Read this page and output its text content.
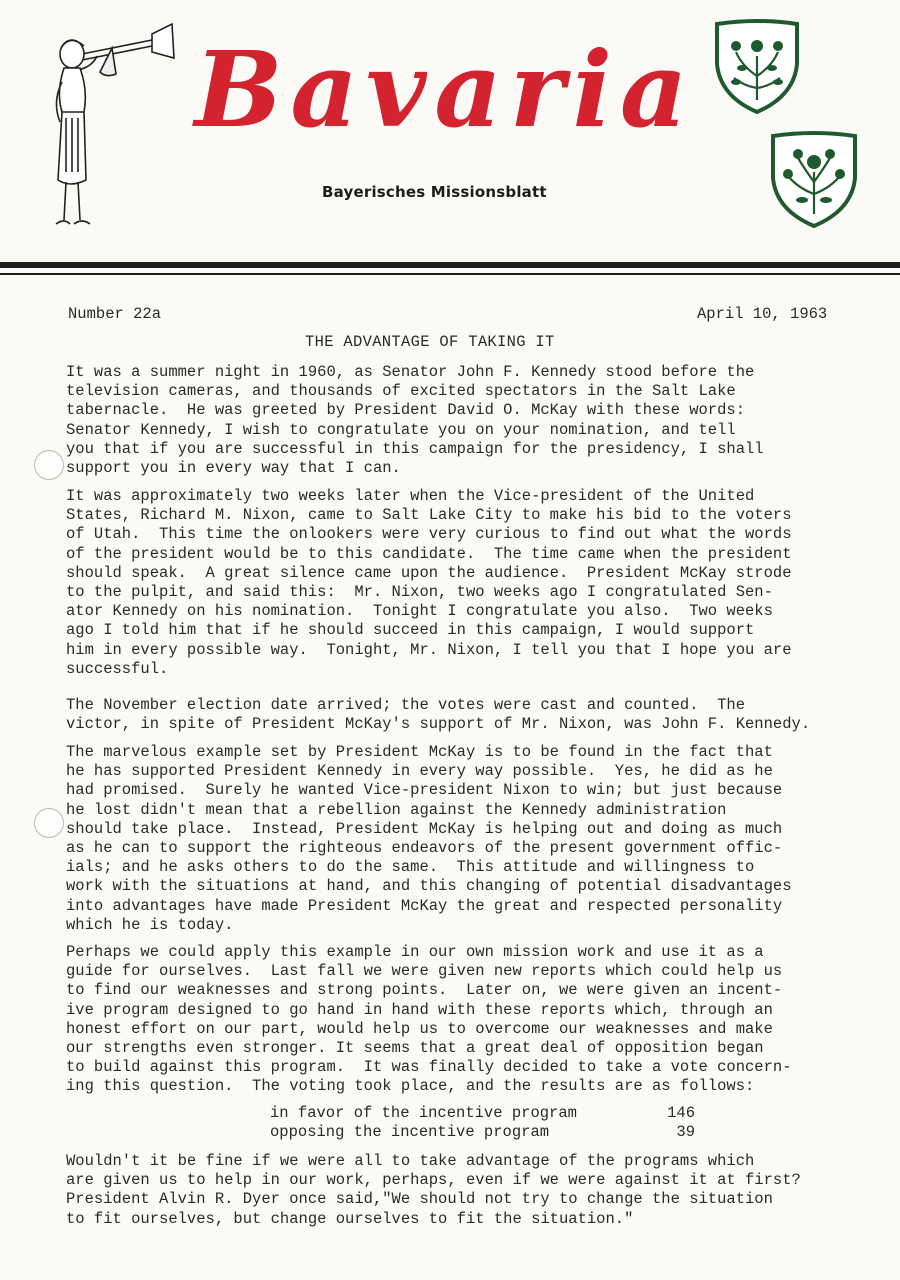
Bavaria
Bayerisches Missionsblatt
Number 22a	April 10, 1963
THE ADVANTAGE OF TAKING IT

It was a summer night in 1960, as Senator John F. Kennedy stood before the
television cameras, and thousands of excited spectators in the Salt Lake
tabernacle.  He was greeted by President David O. McKay with these words:
Senator Kennedy, I wish to congratulate you on your nomination, and tell
you that if you are successful in this campaign for the presidency, I shall
support you in every way that I can.

It was approximately two weeks later when the Vice-president of the United
States, Richard M. Nixon, came to Salt Lake City to make his bid to the voters
of Utah.  This time the onlookers were very curious to find out what the words
of the president would be to this candidate.  The time came when the president
should speak.  A great silence came upon the audience.  President McKay strode
to the pulpit, and said this:  Mr. Nixon, two weeks ago I congratulated Sen-
ator Kennedy on his nomination.  Tonight I congratulate you also.  Two weeks
ago I told him that if he should succeed in this campaign, I would support
him in every possible way.  Tonight, Mr. Nixon, I tell you that I hope you are
successful.

The November election date arrived; the votes were cast and counted.  The
victor, in spite of President McKay's support of Mr. Nixon, was John F. Kennedy.

The marvelous example set by President McKay is to be found in the fact that
he has supported President Kennedy in every way possible.  Yes, he did as he
had promised.  Surely he wanted Vice-president Nixon to win; but just because
he lost didn't mean that a rebellion against the Kennedy administration
should take place.  Instead, President McKay is helping out and doing as much
as he can to support the righteous endeavors of the present government offic-
ials; and he asks others to do the same.  This attitude and willingness to
work with the situations at hand, and this changing of potential disadvantages
into advantages have made President McKay the great and respected personality
which he is today.

Perhaps we could apply this example in our own mission work and use it as a
guide for ourselves.  Last fall we were given new reports which could help us
to find our weaknesses and strong points.  Later on, we were given an incent-
ive program designed to go hand in hand with these reports which, through an
honest effort on our part, would help us to overcome our weaknesses and make
our strengths even stronger. It seems that a great deal of opposition began
to build against this program.  It was finally decided to take a vote concern-
ing this question.  The voting took place, and the results are as follows:

in favor of the incentive program	146
opposing the incentive program	39

Wouldn't it be fine if we were all to take advantage of the programs which
are given us to help in our work, perhaps, even if we were against it at first?
President Alvin R. Dyer once said,"We should not try to change the situation
to fit ourselves, but change ourselves to fit the situation."
